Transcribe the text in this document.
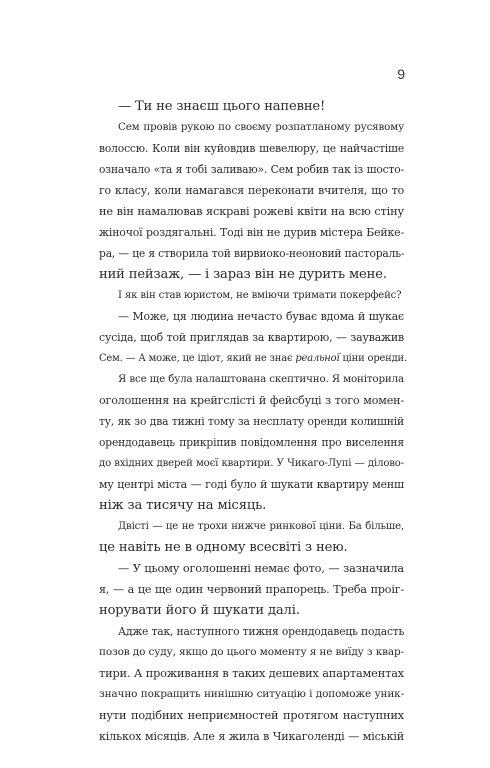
9
— Ти не знаєш цього напевне!
Сем провів рукою по своєму розпатланому русявому
волоссю. Коли він куйовдив шевелюру, це найчастіше
означало «та я тобі заливаю». Сем робив так із шосто-
го класу, коли намагався переконати вчителя, що то
не він намалював яскраві рожеві квіти на всю стіну
жіночої роздягальні. Тоді він не дурив містера Бейке-
ра, — це я створила той вирвиоко-неоновий пастораль-
ний пейзаж, — і зараз він не дурить мене.
І як він став юристом, не вміючи тримати покерфейс?
— Може, ця людина нечасто буває вдома й шукає
сусіда, щоб той приглядав за квартирою, — зауважив
Сем. — А може, це ідіот, який не знає реальної ціни оренди.
Я все ще була налаштована скептично. Я моніторила
оголошення на крейгслісті й фейсбуці з того момен-
ту, як зо два тижні тому за несплату оренди колишній
орендодавець прикріпив повідомлення про виселення
до вхідних дверей моєї квартири. У Чикаго-Лупі — ділово-
му центрі міста — годі було й шукати квартиру менш
ніж за тисячу на місяць.
Двісті — це не трохи нижче ринкової ціни. Ба більше,
це навіть не в одному всесвіті з нею.
— У цьому оголошенні немає фото, — зазначила
я, — а це ще один червоний прапорець. Треба проіг-
норувати його й шукати далі.
Адже так, наступного тижня орендодавець подасть
позов до суду, якщо до цього моменту я не виїду з квар-
тири. А проживання в таких дешевих апартаментах
значно покращить нинішню ситуацію і допоможе уник-
нути подібних неприємностей протягом наступних
кількох місяців. Але я жила в Чикаголенді — міській
